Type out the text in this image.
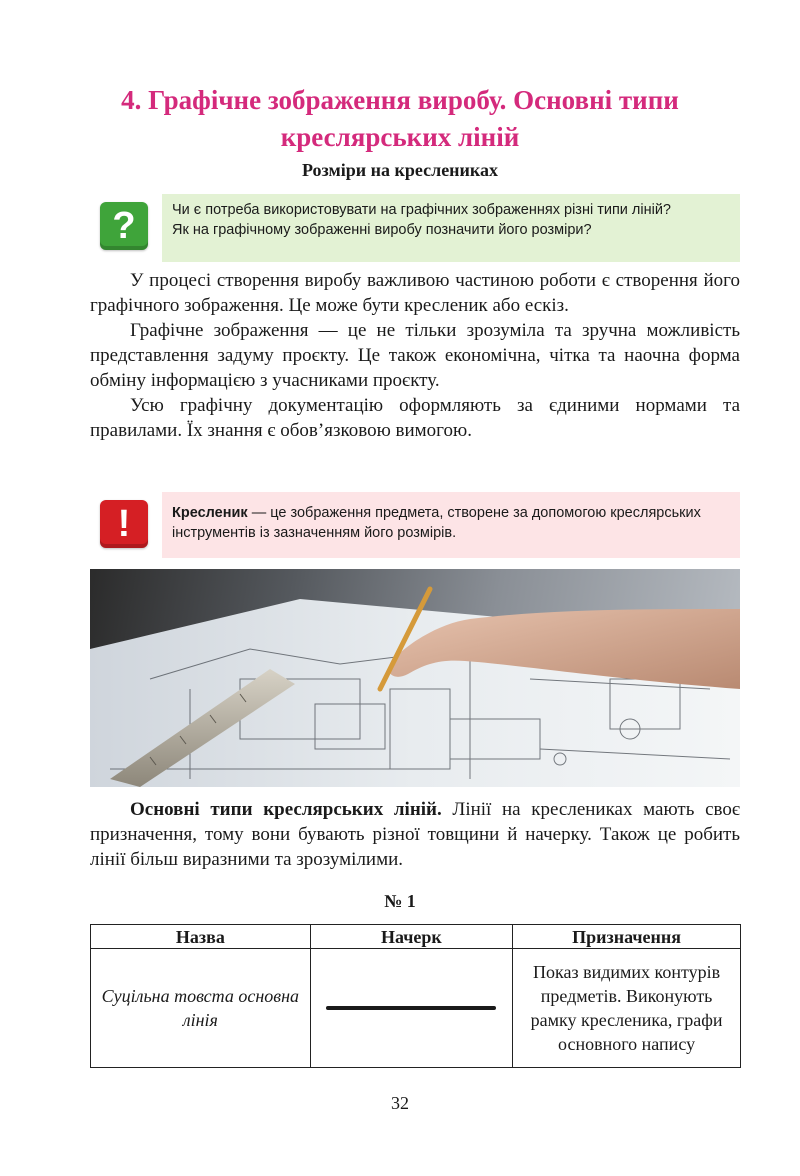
4. Графічне зображення виробу. Основні типи креслярських ліній
Розміри на креслениках
?	Чи є потреба використовувати на графічних зображеннях різні типи ліній?
Як на графічному зображенні виробу позначити його розміри?

У процесі створення виробу важливою частиною роботи є створення його графічного зображення. Це може бути кресленик або ескіз.

Графічне зображення — це не тільки зрозуміла та зручна можливість представлення задуму проєкту. Це також економічна, чітка та наочна форма обміну інформацією з учасниками проєкту.

Усю графічну документацію оформляють за єдиними нормами та правилами. Їх знання є обов’язковою вимогою.

!	Кресленик — це зображення предмета, створене за допомогою креслярських інструментів із зазначенням його розмірів.

Основні типи креслярських ліній. Лінії на креслениках мають своє призначення, тому вони бувають різної товщини й начерку. Також це робить лінії більш виразними та зрозумілими.

№ 1
Назва	Начерк	Призначення
Суцільна товста основна лінія		Показ видимих контурів предметів. Виконують рамку кресленика, графи основного напису
32
